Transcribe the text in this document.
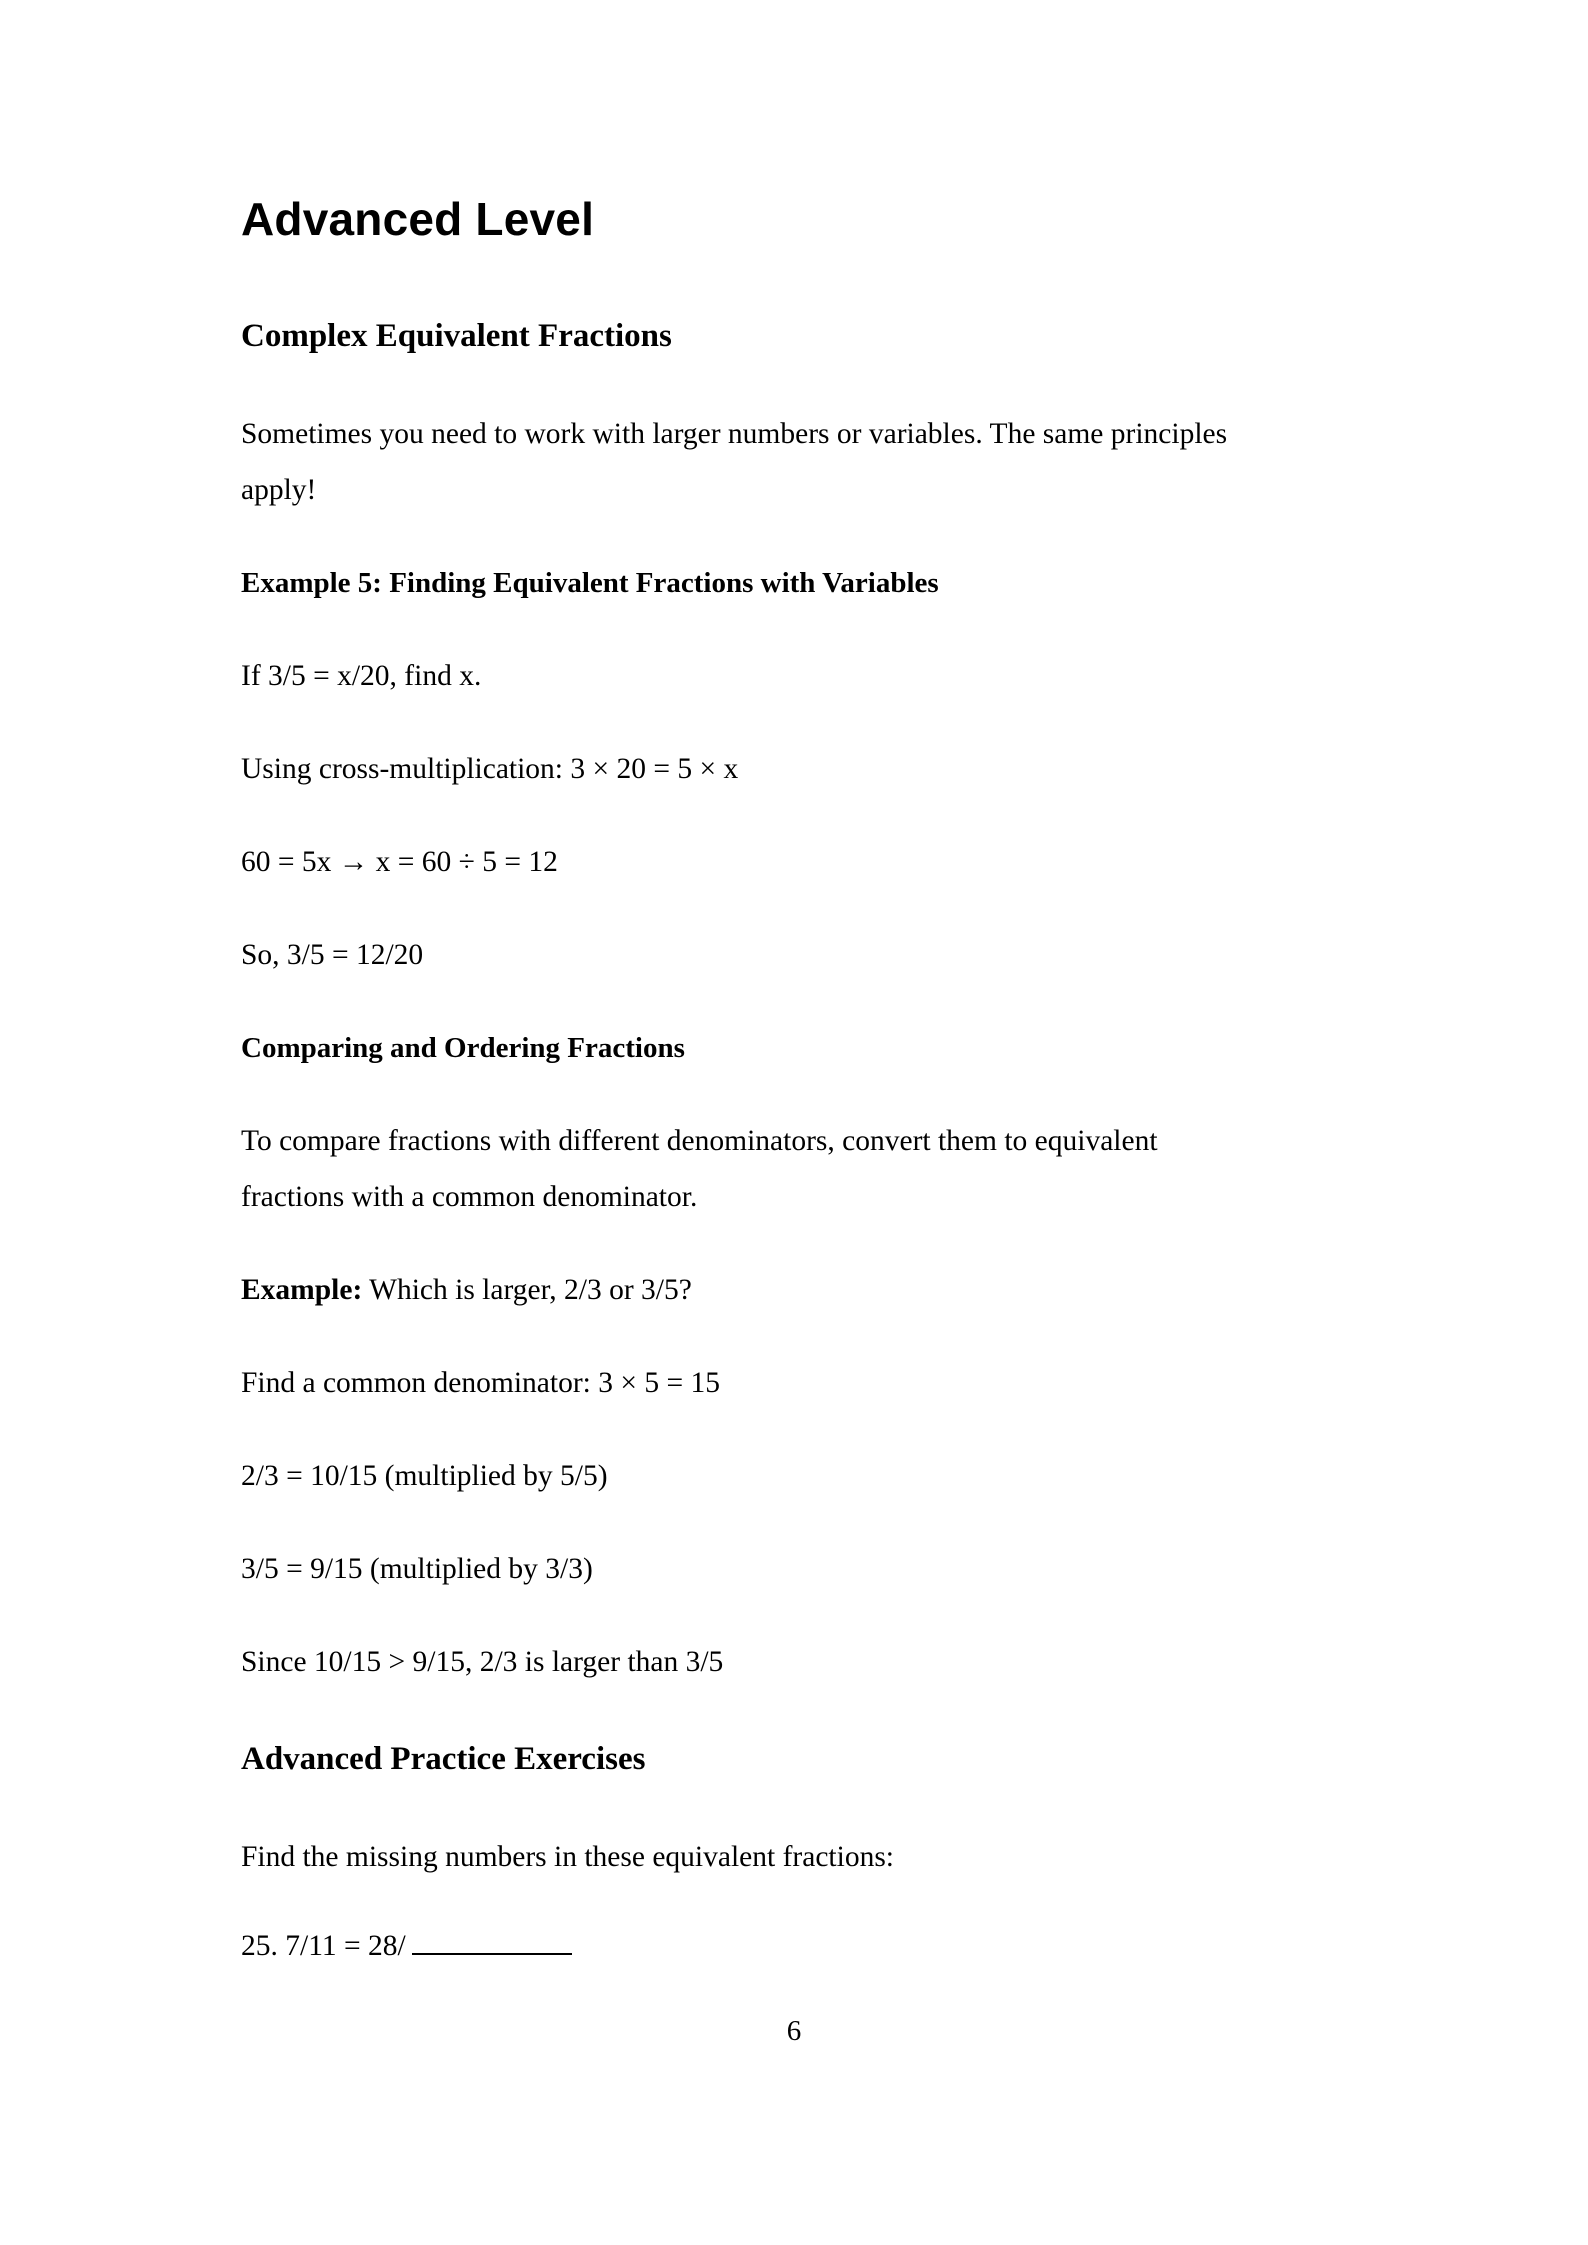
Advanced Level
Complex Equivalent Fractions

Sometimes you need to work with larger numbers or variables. The same principles

apply!

Example 5: Finding Equivalent Fractions with Variables

If 3/5 = x/20, find x.

Using cross-multiplication: 3 × 20 = 5 × x

60 = 5x → x = 60 ÷ 5 = 12

So, 3/5 = 12/20

Comparing and Ordering Fractions

To compare fractions with different denominators, convert them to equivalent

fractions with a common denominator.

Example: Which is larger, 2/3 or 3/5?

Find a common denominator: 3 × 5 = 15

2/3 = 10/15 (multiplied by 5/5)

3/5 = 9/15 (multiplied by 3/3)

Since 10/15 > 9/15, 2/3 is larger than 3/5

Advanced Practice Exercises

Find the missing numbers in these equivalent fractions:

25. 7/11 = 28/

6
